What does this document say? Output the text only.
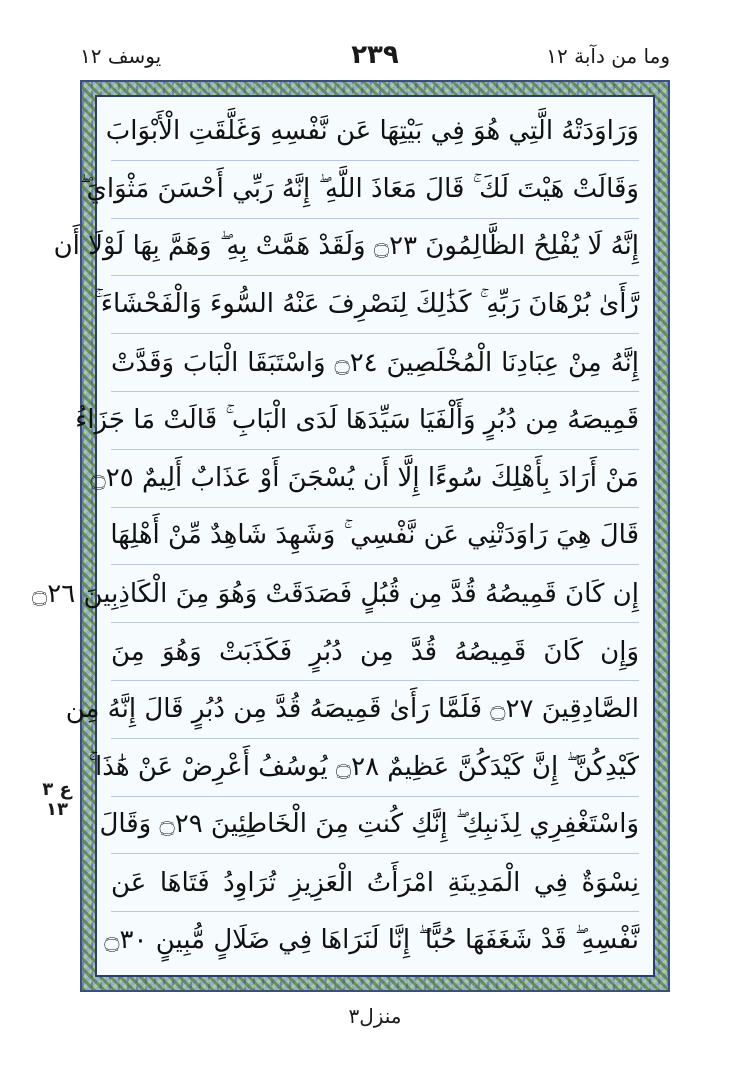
يوسف ١٢	٢٣٩	وما من دآبة ١٢
وَرَاوَدَتْهُ الَّتِي هُوَ فِي بَيْتِهَا عَن نَّفْسِهِ وَغَلَّقَتِ الْأَبْوَابَ
وَقَالَتْ هَيْتَ لَكَ ۚ قَالَ مَعَاذَ اللَّهِ ۖ إِنَّهُ رَبِّي أَحْسَنَ مَثْوَايَ ۖ
إِنَّهُ لَا يُفْلِحُ الظَّالِمُونَ ۝٢٣ وَلَقَدْ هَمَّتْ بِهِ ۖ وَهَمَّ بِهَا لَوْلَا أَن
رَّأَىٰ بُرْهَانَ رَبِّهِ ۚ كَذَٰلِكَ لِنَصْرِفَ عَنْهُ السُّوءَ وَالْفَحْشَاءَ ۚ
إِنَّهُ مِنْ عِبَادِنَا الْمُخْلَصِينَ ۝٢٤ وَاسْتَبَقَا الْبَابَ وَقَدَّتْ
قَمِيصَهُ مِن دُبُرٍ وَأَلْفَيَا سَيِّدَهَا لَدَى الْبَابِ ۚ قَالَتْ مَا جَزَاءُ
مَنْ أَرَادَ بِأَهْلِكَ سُوءًا إِلَّا أَن يُسْجَنَ أَوْ عَذَابٌ أَلِيمٌ ۝٢٥
قَالَ هِيَ رَاوَدَتْنِي عَن نَّفْسِي ۚ وَشَهِدَ شَاهِدٌ مِّنْ أَهْلِهَا
إِن كَانَ قَمِيصُهُ قُدَّ مِن قُبُلٍ فَصَدَقَتْ وَهُوَ مِنَ الْكَاذِبِينَ ۝٢٦
وَإِن كَانَ قَمِيصُهُ قُدَّ مِن دُبُرٍ فَكَذَبَتْ وَهُوَ مِنَ
الصَّادِقِينَ ۝٢٧ فَلَمَّا رَأَىٰ قَمِيصَهُ قُدَّ مِن دُبُرٍ قَالَ إِنَّهُ مِن
كَيْدِكُنَّ ۖ إِنَّ كَيْدَكُنَّ عَظِيمٌ ۝٢٨ يُوسُفُ أَعْرِضْ عَنْ هَٰذَا ۚ
وَاسْتَغْفِرِي لِذَنبِكِ ۖ إِنَّكِ كُنتِ مِنَ الْخَاطِئِينَ ۝٢٩ وَقَالَ
نِسْوَةٌ فِي الْمَدِينَةِ امْرَأَتُ الْعَزِيزِ تُرَاوِدُ فَتَاهَا عَن
نَّفْسِهِ ۖ قَدْ شَغَفَهَا حُبًّا ۖ إِنَّا لَنَرَاهَا فِي ضَلَالٍ مُّبِينٍ ۝٣٠
ع ٣
١٣
منزل٣
